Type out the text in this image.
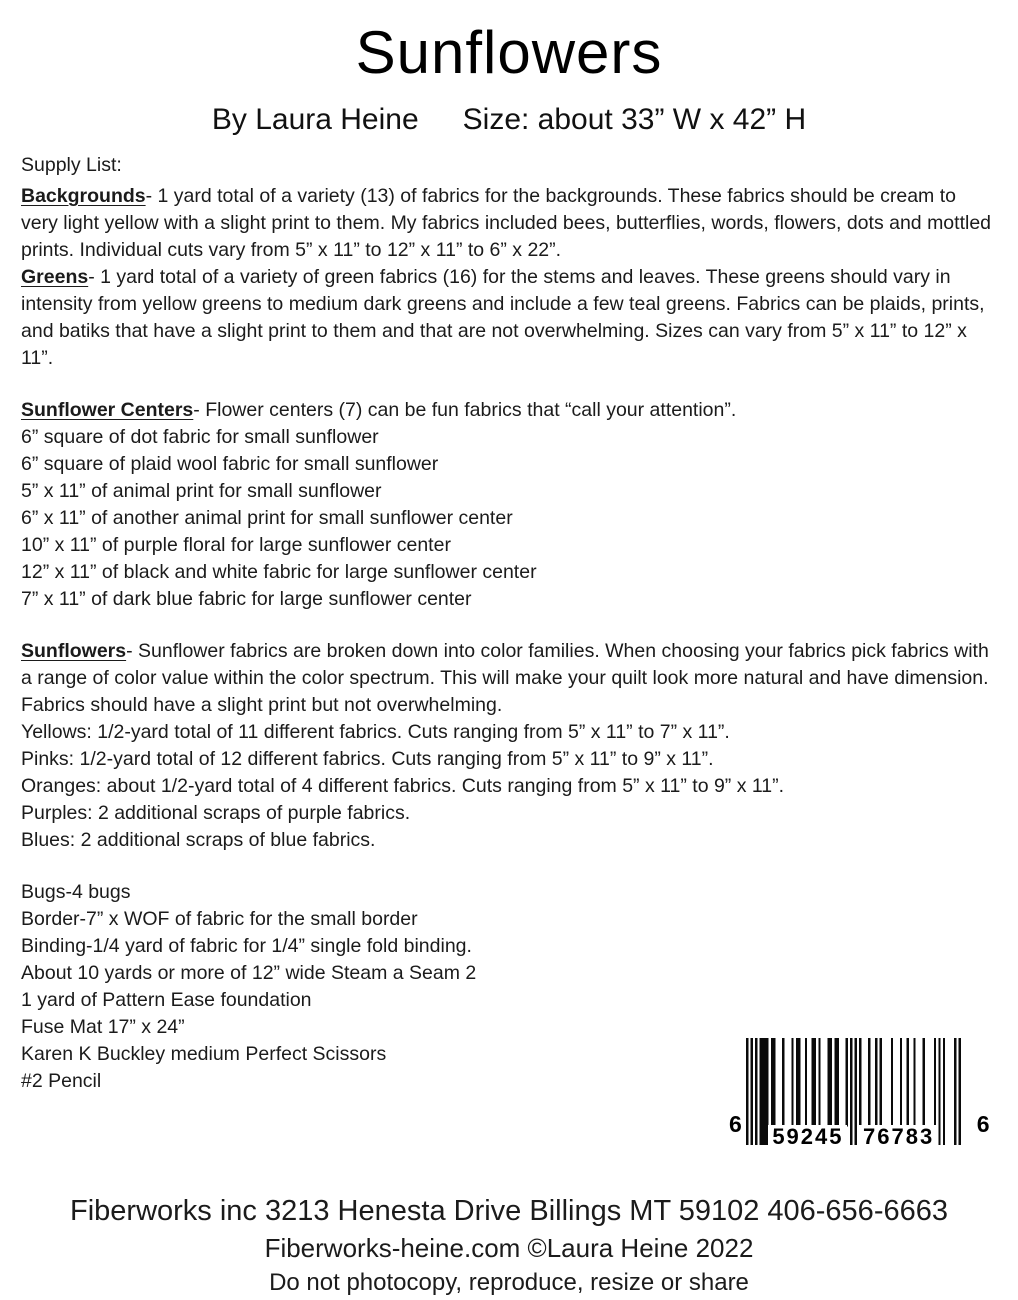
Sunflowers
By Laura Heine Size: about 33” W x 42” H
Supply List:

Backgrounds- 1 yard total of a variety (13) of fabrics for the backgrounds. These fabrics should be cream to very light yellow with a slight print to them. My fabrics included bees, butterflies, words, flowers, dots and mottled prints. Individual cuts vary from 5” x 11” to 12” x 11” to 6” x 22”.

Greens- 1 yard total of a variety of green fabrics (16) for the stems and leaves. These greens should vary in intensity from yellow greens to medium dark greens and include a few teal greens. Fabrics can be plaids, prints, and batiks that have a slight print to them and that are not overwhelming. Sizes can vary from 5” x 11” to 12” x 11”.

Sunflower Centers- Flower centers (7) can be fun fabrics that “call your attention”.

6” square of dot fabric for small sunflower
6” square of plaid wool fabric for small sunflower
5” x 11” of animal print for small sunflower
6” x 11” of another animal print for small sunflower center
10” x 11” of purple floral for large sunflower center
12” x 11” of black and white fabric for large sunflower center
7” x 11” of dark blue fabric for large sunflower center

Sunflowers- Sunflower fabrics are broken down into color families. When choosing your fabrics pick fabrics with a range of color value within the color spectrum. This will make your quilt look more natural and have dimension. Fabrics should have a slight print but not overwhelming.

Yellows: 1/2-yard total of 11 different fabrics. Cuts ranging from 5” x 11” to 7” x 11”.
Pinks: 1/2-yard total of 12 different fabrics. Cuts ranging from 5” x 11” to 9” x 11”.
Oranges: about 1/2-yard total of 4 different fabrics. Cuts ranging from 5” x 11” to 9” x 11”.
Purples: 2 additional scraps of purple fabrics.
Blues: 2 additional scraps of blue fabrics.
Bugs-4 bugs
Border-7” x WOF of fabric for the small border
Binding-1/4 yard of fabric for 1/4” single fold binding.
About 10 yards or more of 12” wide Steam a Seam 2
1 yard of Pattern Ease foundation
Fuse Mat 17” x 24”
Karen K Buckley medium Perfect Scissors
#2 Pencil
6 59245 76783 6
Fiberworks inc 3213 Henesta Drive Billings MT 59102 406-656-6663
Fiberworks-heine.com ©Laura Heine 2022
Do not photocopy, reproduce, resize or share
